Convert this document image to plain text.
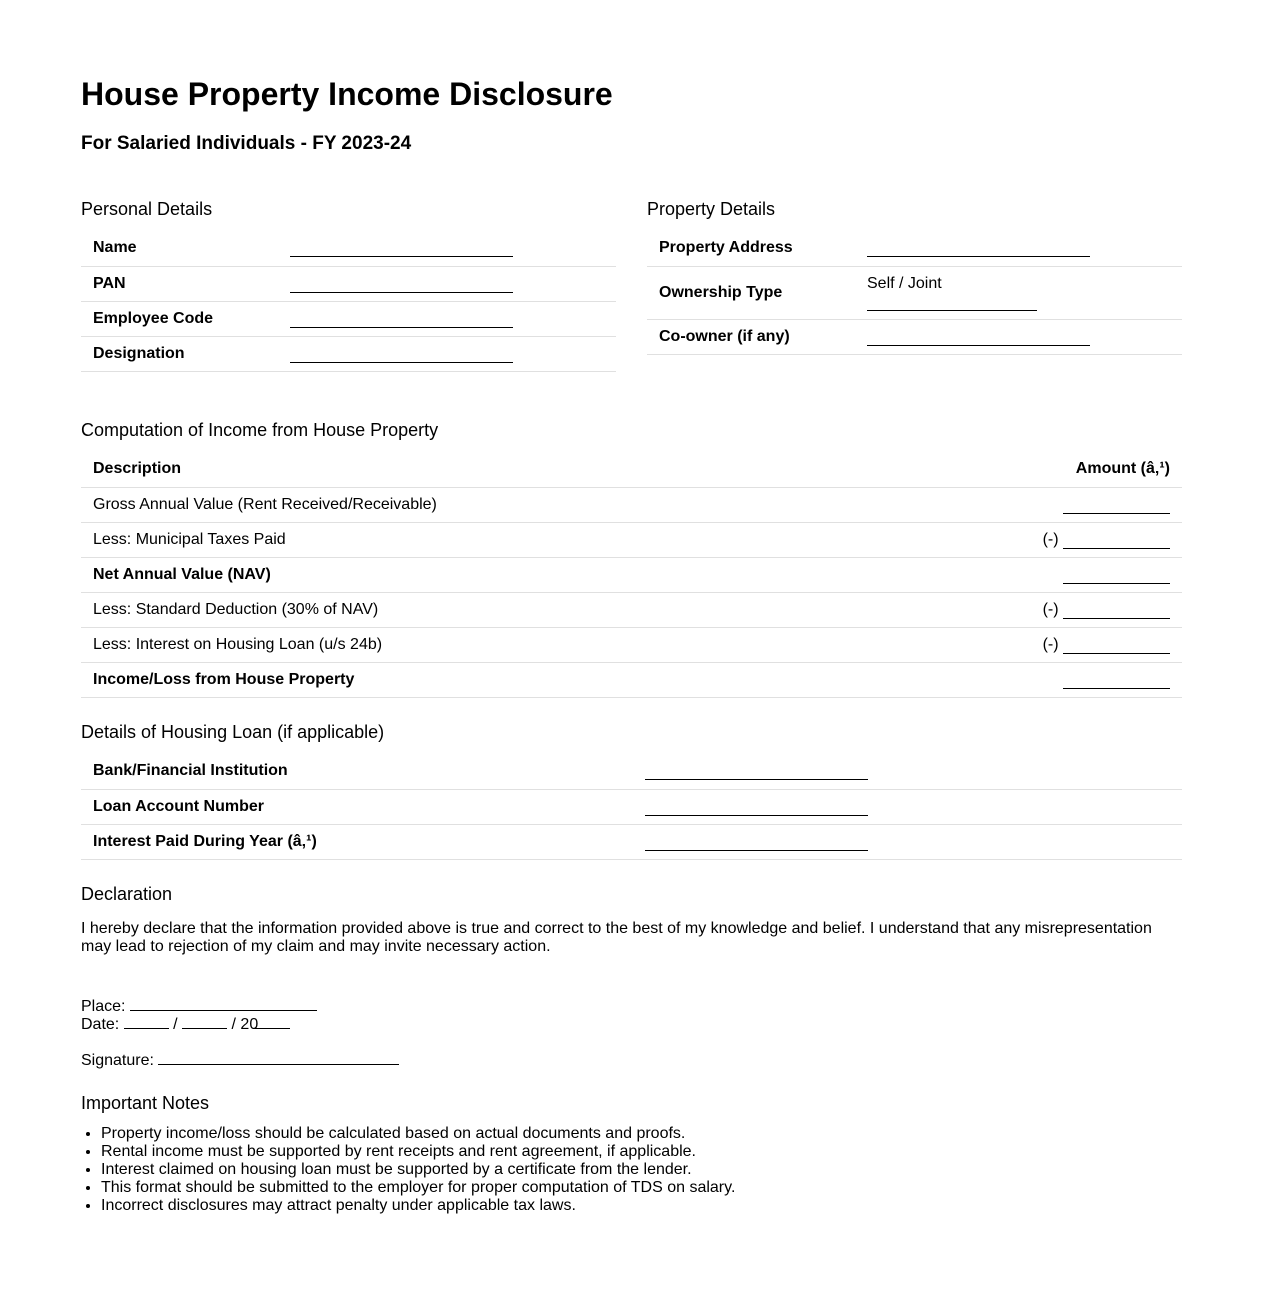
House Property Income Disclosure
For Salaried Individuals - FY 2023-24
Personal Details
Name	
PAN	
Employee Code	
Designation	
Property Details
Property Address	
Ownership Type	Self / Joint

Co-owner (if any)	
Computation of Income from House Property
Description	Amount (â‚¹)
Gross Annual Value (Rent Received/Receivable)	
Less: Municipal Taxes Paid	(-)
Net Annual Value (NAV)	
Less: Standard Deduction (30% of NAV)	(-)
Less: Interest on Housing Loan (u/s 24b)	(-)
Income/Loss from House Property	
Details of Housing Loan (if applicable)
Bank/Financial Institution	
Loan Account Number	
Interest Paid During Year (â‚¹)	
Declaration

I hereby declare that the information provided above is true and correct to the best of my knowledge and belief. I understand that any misrepresentation may lead to rejection of my claim and may invite necessary action.

Place:
Date:	/	/ 20
Signature:
Important Notes
• Property income/loss should be calculated based on actual documents and proofs.
• Rental income must be supported by rent receipts and rent agreement, if applicable.
• Interest claimed on housing loan must be supported by a certificate from the lender.
• This format should be submitted to the employer for proper computation of TDS on salary.
• Incorrect disclosures may attract penalty under applicable tax laws.
